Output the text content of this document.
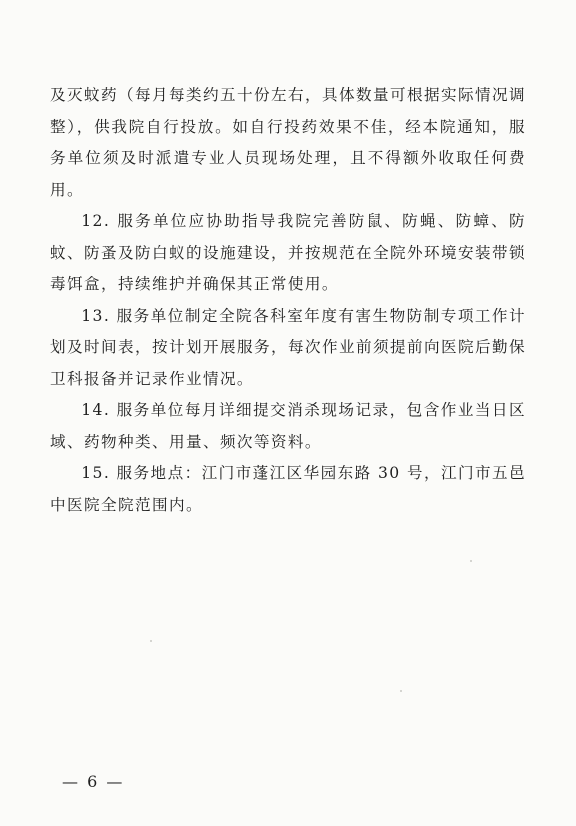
及灭蚊药（每月每类约五十份左右，具体数量可根据实际情况调整），供我院自行投放。如自行投药效果不佳，经本院通知，服务单位须及时派遣专业人员现场处理，且不得额外收取任何费用。

12. 服务单位应协助指导我院完善防鼠、防蝇、防蟑、防蚊、防蚤及防白蚁的设施建设，并按规范在全院外环境安装带锁毒饵盒，持续维护并确保其正常使用。

13. 服务单位制定全院各科室年度有害生物防制专项工作计划及时间表，按计划开展服务，每次作业前须提前向医院后勤保卫科报备并记录作业情况。

14. 服务单位每月详细提交消杀现场记录，包含作业当日区域、药物种类、用量、频次等资料。

15. 服务地点：江门市蓬江区华园东路 30 号，江门市五邑中医院全院范围内。

— 6 —
